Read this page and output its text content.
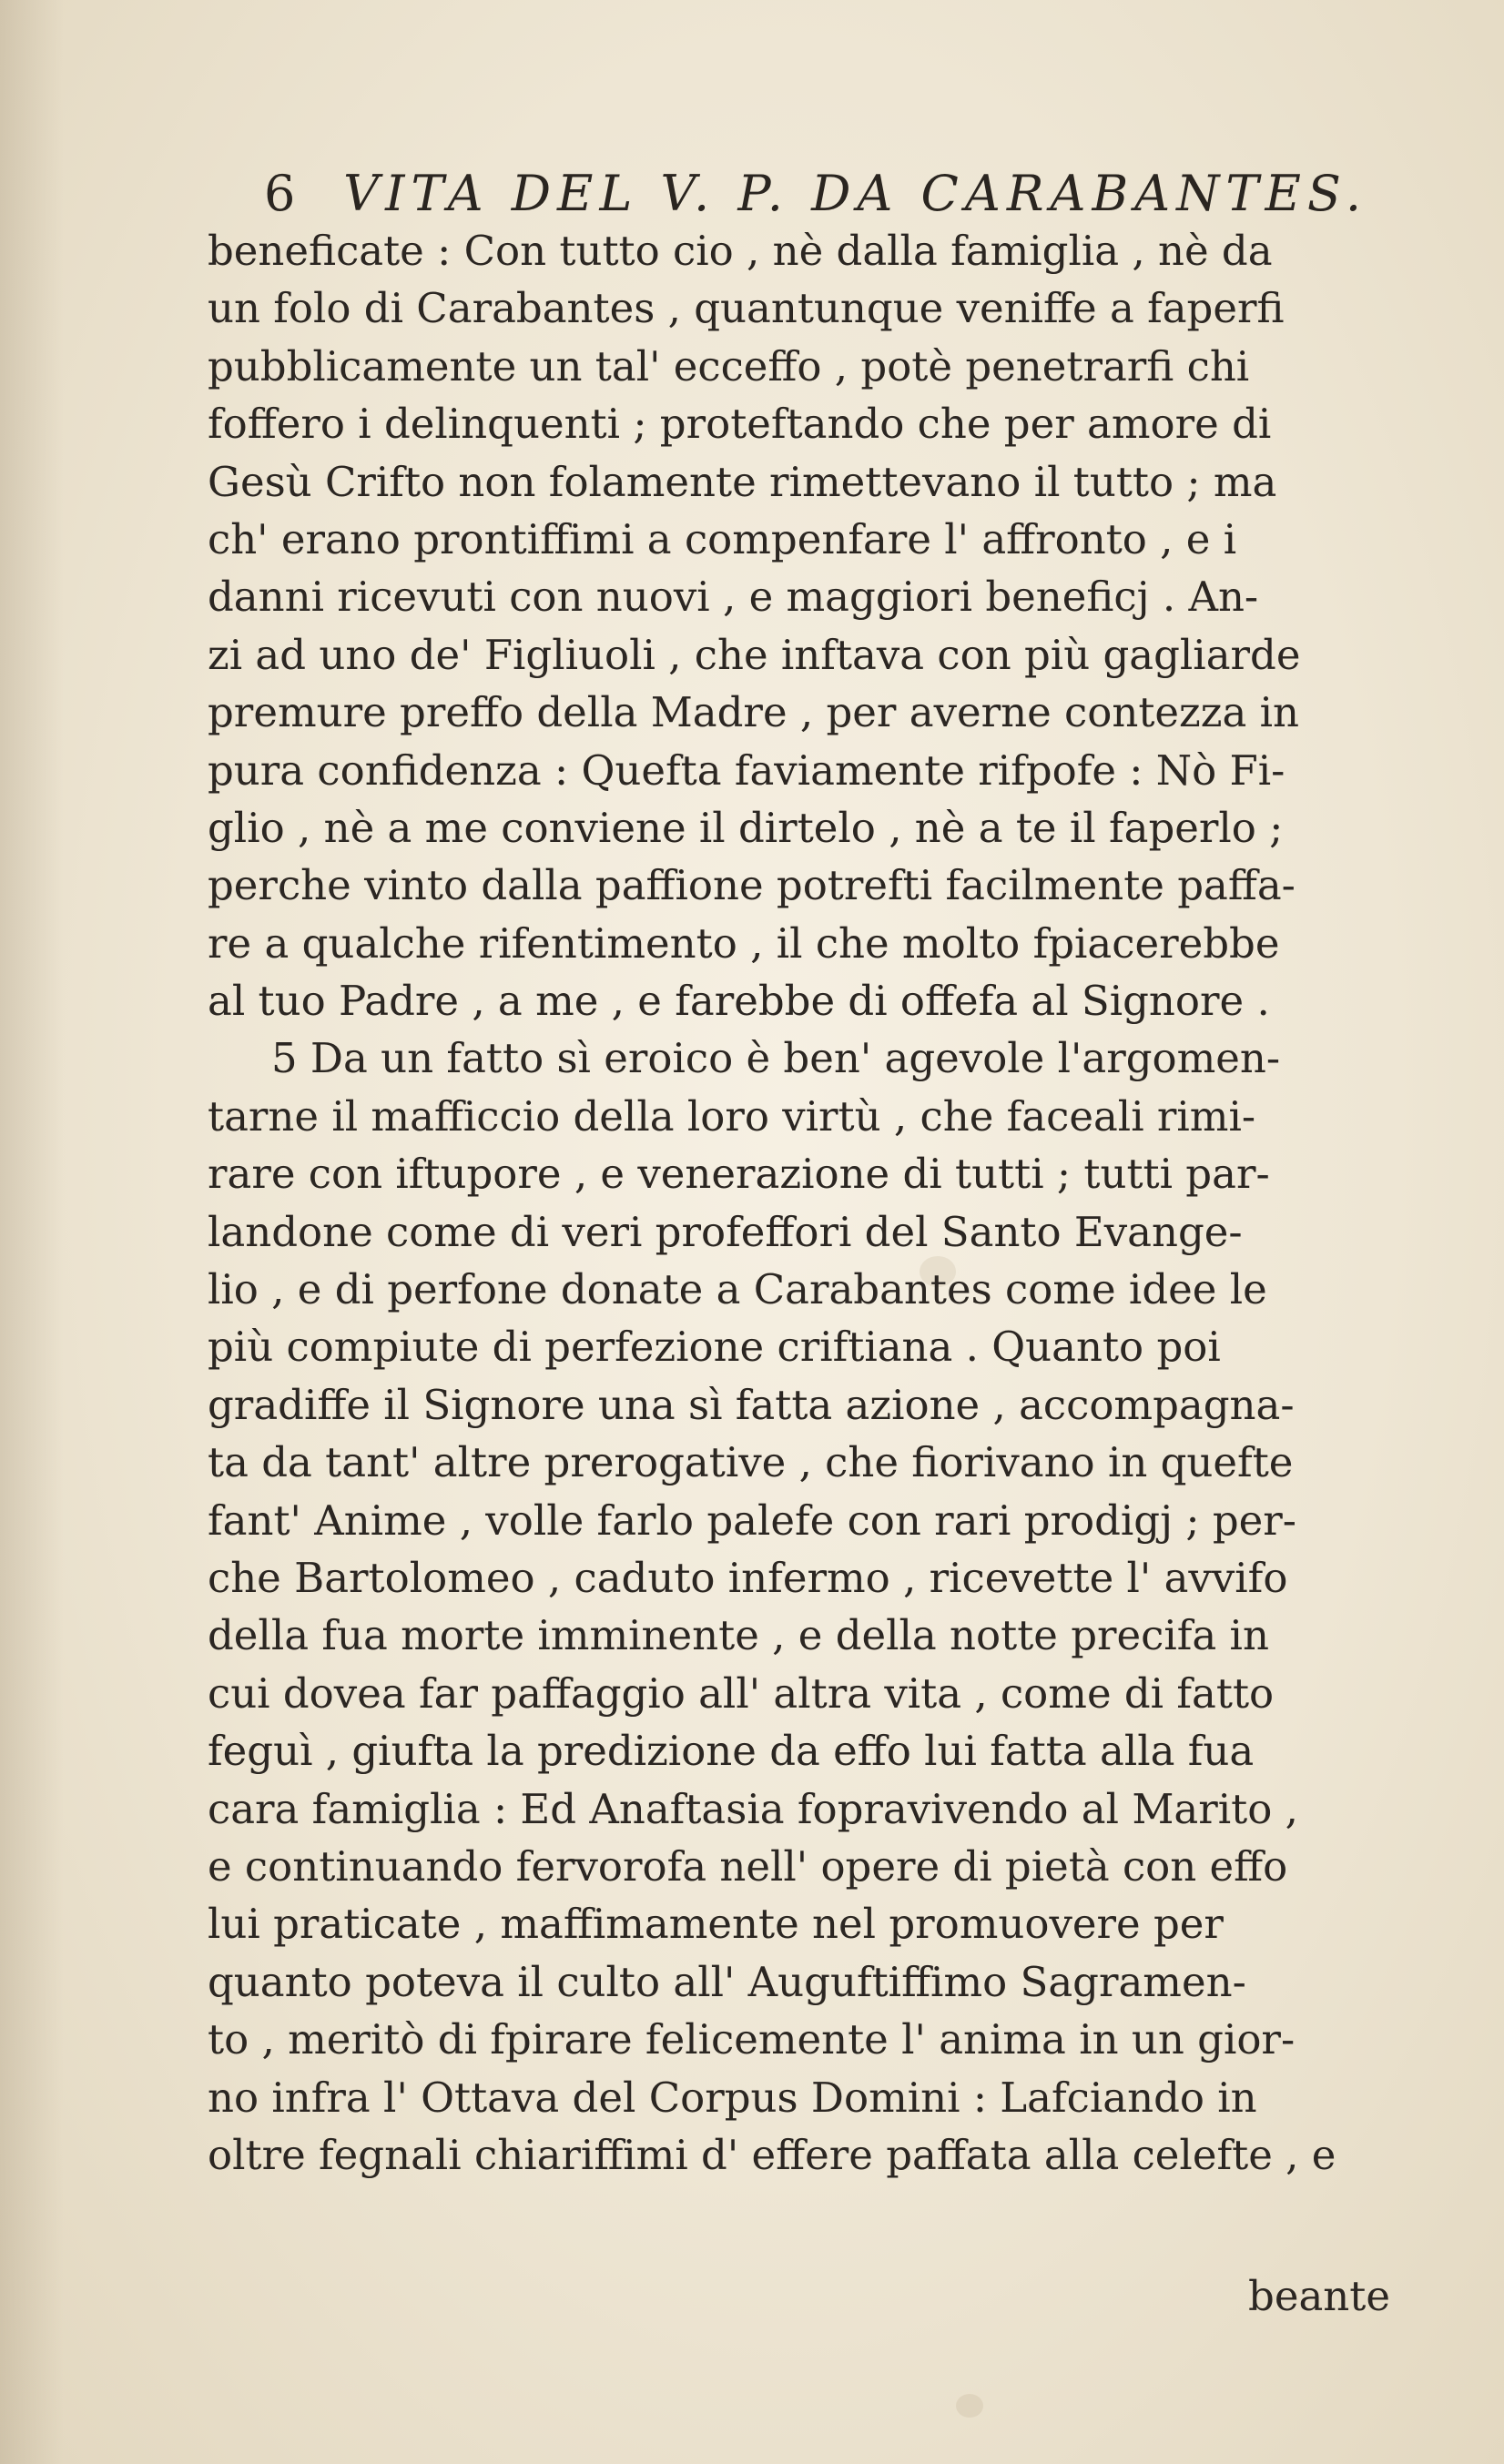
6 VITA DEL V. P. DA CARABANTES.
beneficate : Con tutto cio , nè dalla famiglia , nè da
un folo di Carabantes , quantunque veniffe a faperfi
pubblicamente un tal' ecceffo , potè penetrarfi chi
foffero i delinquenti ; proteftando che per amore di
Gesù Crifto non folamente rimettevano il tutto ; ma
ch' erano prontiffimi a compenfare l' affronto , e i
danni ricevuti con nuovi , e maggiori beneficj . An-
zi ad uno de' Figliuoli , che inftava con più gagliarde
premure preffo della Madre , per averne contezza in
pura confidenza : Quefta faviamente rifpofe : Nò Fi-
glio , nè a me conviene il dirtelo , nè a te il faperlo ;
perche vinto dalla paffione potrefti facilmente paffa-
re a qualche rifentimento , il che molto fpiacerebbe
al tuo Padre , a me , e farebbe di offefa al Signore .
5 Da un fatto sì eroico è ben' agevole l'argomen-
tarne il mafficcio della loro virtù , che faceali rimi-
rare con iftupore , e venerazione di tutti ; tutti par-
landone come di veri profeffori del Santo Evange-
lio , e di perfone donate a Carabantes come idee le
più compiute di perfezione criftiana . Quanto poi
gradiffe il Signore una sì fatta azione , accompagna-
ta da tant' altre prerogative , che fiorivano in quefte
fant' Anime , volle farlo palefe con rari prodigj ; per-
che Bartolomeo , caduto infermo , ricevette l' avvifo
della fua morte imminente , e della notte precifa in
cui dovea far paffaggio all' altra vita , come di fatto
feguì , giufta la predizione da effo lui fatta alla fua
cara famiglia : Ed Anaftasia fopravivendo al Marito ,
e continuando fervorofa nell' opere di pietà con effo
lui praticate , maffimamente nel promuovere per
quanto poteva il culto all' Auguftiffimo Sagramen-
to , meritò di fpirare felicemente l' anima in un gior-
no infra l' Ottava del Corpus Domini : Lafciando in
oltre fegnali chiariffimi d' effere paffata alla celefte , e
beante
